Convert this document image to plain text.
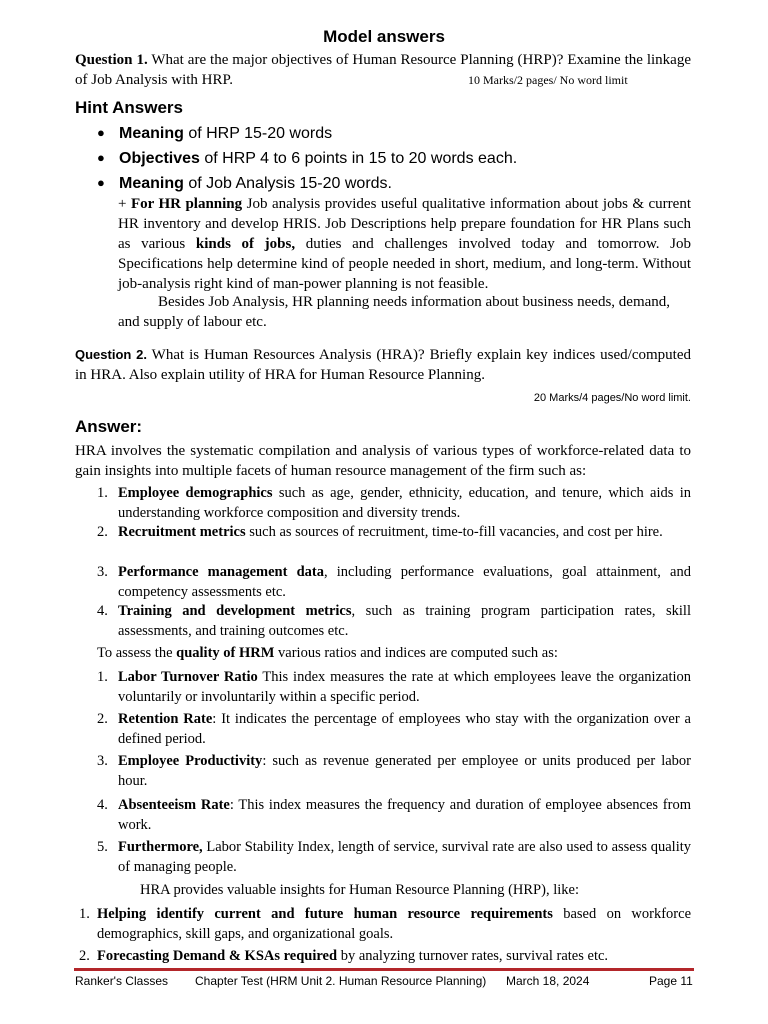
Model answers
Question 1. What are the major objectives of Human Resource Planning (HRP)? Examine the linkage of Job Analysis with HRP.	10 Marks/2 pages/ No word limit
Hint Answers
● Meaning of HRP 15-20 words
● Objectives of HRP 4 to 6 points in 15 to 20 words each.
● Meaning of Job Analysis 15-20 words.
+ For HR planning Job analysis provides useful qualitative information about jobs & current HR inventory and develop HRIS. Job Descriptions help prepare foundation for HR Plans such as various kinds of jobs, duties and challenges involved today and tomorrow. Job Specifications help determine kind of people needed in short, medium, and long-term. Without job-analysis right kind of man-power planning is not feasible.
Besides Job Analysis, HR planning needs information about business needs, demand, and supply of labour etc.
Question 2. What is Human Resources Analysis (HRA)? Briefly explain key indices used/computed in HRA. Also explain utility of HRA for Human Resource Planning.
20 Marks/4 pages/No word limit.
Answer:
HRA involves the systematic compilation and analysis of various types of workforce-related data to gain insights into multiple facets of human resource management of the firm such as:
1. Employee demographics such as age, gender, ethnicity, education, and tenure, which aids in understanding workforce composition and diversity trends.
2. Recruitment metrics such as sources of recruitment, time-to-fill vacancies, and cost per hire.
3. Performance management data, including performance evaluations, goal attainment, and competency assessments etc.
4. Training and development metrics, such as training program participation rates, skill assessments, and training outcomes etc.
To assess the quality of HRM various ratios and indices are computed such as:
1. Labor Turnover Ratio This index measures the rate at which employees leave the organization voluntarily or involuntarily within a specific period.
2. Retention Rate: It indicates the percentage of employees who stay with the organization over a defined period.
3. Employee Productivity: such as revenue generated per employee or units produced per labor hour.
4. Absenteeism Rate: This index measures the frequency and duration of employee absences from work.
5. Furthermore, Labor Stability Index, length of service, survival rate are also used to assess quality of managing people.
HRA provides valuable insights for Human Resource Planning (HRP), like:
1. Helping identify current and future human resource requirements based on workforce demographics, skill gaps, and organizational goals.
2. Forecasting Demand & KSAs required by analyzing turnover rates, survival rates etc.
Ranker's Classes Chapter Test (HRM Unit 2. Human Resource Planning) March 18, 2024	Page 11
